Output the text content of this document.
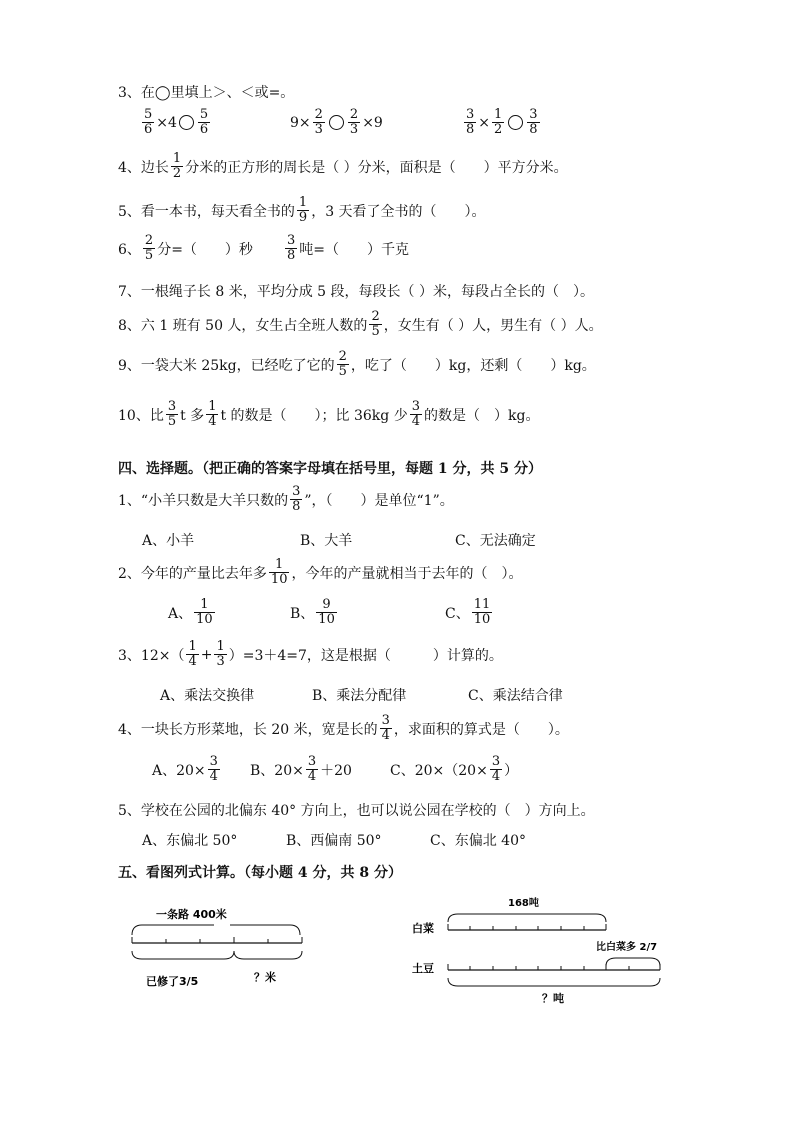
3、在◯里填上＞、＜或=。
$\frac{5}{6} \times 4 \frac{5}{6}$	$9\times \frac{2}{3} \frac{2}{3} \times 9$	$\frac{3}{8} \times \frac{1}{2} \frac{3}{8}$
4、边长 $\frac{1}{2}$ 分米的正方形的周长是（ ）分米，面积是（　　）平方分米。
5、看一本书，每天看全书的 $\frac{1}{9}$ ，3 天看了全书的（　　）。
6、 $\frac{2}{5}$ 分=（　　）秒 $\frac{3}{8}$ 吨=（　　）千克
7、一根绳子长 8 米，平均分成 5 段，每段长（ ）米，每段占全长的（　）。
8、六 1 班有 50 人，女生占全班人数的 $\frac{2}{5}$ ，女生有（ ）人，男生有（ ）人。
9、一袋大米 25kg，已经吃了它的 $\frac{2}{5}$ ，吃了（　　）kg，还剩（　　）kg。
10、比 $\frac{3}{5}$ t 多 $\frac{1}{4}$ t 的数是（　　）；比 36kg 少 $\frac{3}{4}$ 的数是（　）kg。
四、选择题。（把正确的答案字母填在括号里，每题 1 分，共 5 分）
1、“小羊只数是大羊只数的 $\frac{3}{8}$ ”，（　　）是单位“1”。
A、小羊	B、大羊	C、无法确定
2、今年的产量比去年多 $\frac{1}{10}$ ，今年的产量就相当于去年的（　）。
A、 $\frac{1}{10}$	B、 $\frac{9}{10}$	C、 $\frac{11}{10}$
3、$12\times( \frac{1}{4} + \frac{1}{3} )=3+4=7$，这是根据（　　　）计算的。
A、乘法交换律	B、乘法分配律	C、乘法结合律
4、一块长方形菜地，长 20 米，宽是长的 $\frac{3}{4}$ ，求面积的算式是（　　）。
A、$20\times \frac{3}{4}$ B、$20\times \frac{3}{4} +20$	C、$20\times(20\times \frac{3}{4}$ ）
5、学校在公园的北偏东 40° 方向上，也可以说公园在学校的（　）方向上。
A、东偏北 50°	B、西偏南 50°	C、东偏北 40°
五、看图列式计算。（每小题 4 分，共 8 分）
一条路 400米
已修了3/5	？米
168吨
白菜
比白菜多 2/7
土豆
？吨
